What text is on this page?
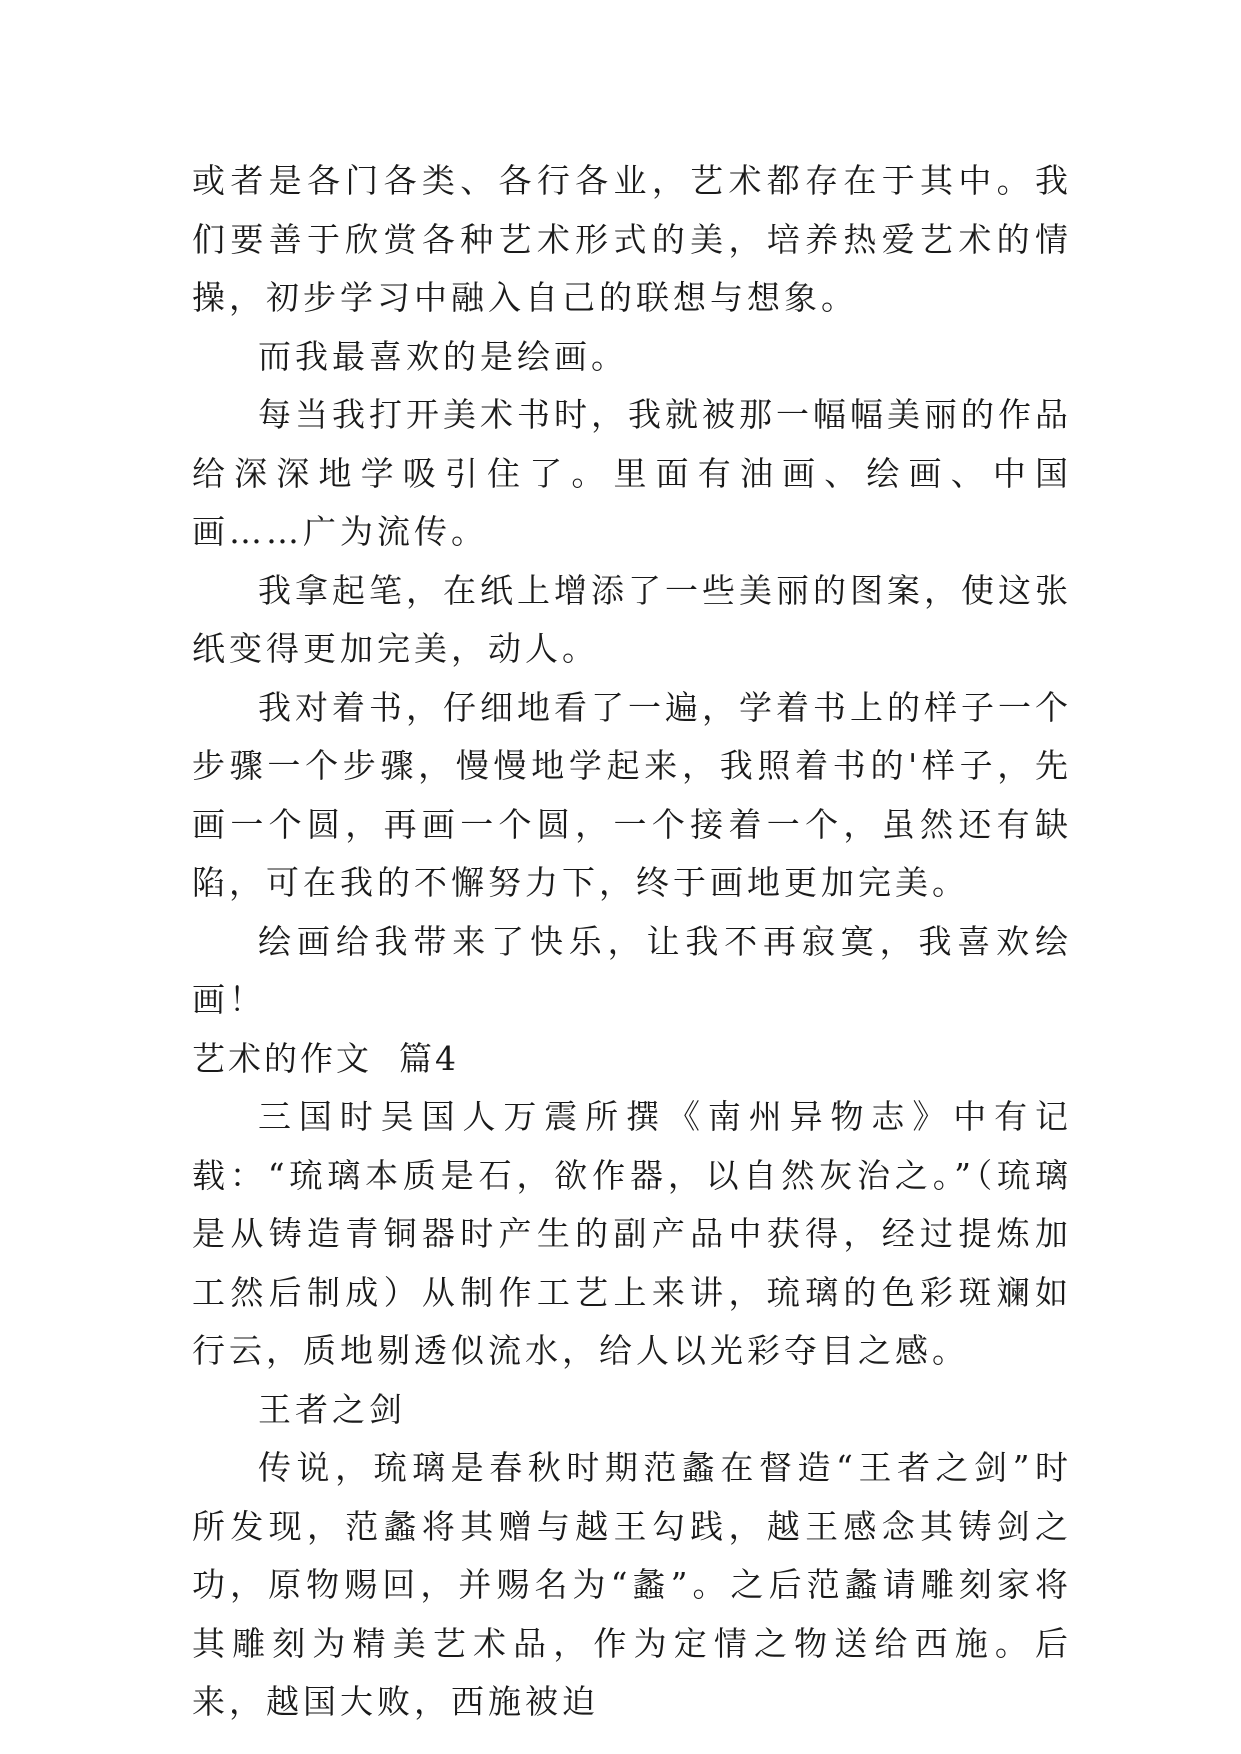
或者是各门各类、各行各业，艺术都存在于其中。我们要善于欣赏各种艺术形式的美，培养热爱艺术的情操，初步学习中融入自己的联想与想象。

而我最喜欢的是绘画。

每当我打开美术书时，我就被那一幅幅美丽的作品给深深地学吸引住了。里面有油画、绘画、中国画……广为流传。

我拿起笔，在纸上增添了一些美丽的图案，使这张纸变得更加完美，动人。

我对着书，仔细地看了一遍，学着书上的样子一个步骤一个步骤，慢慢地学起来，我照着书的'样子，先画一个圆，再画一个圆，一个接着一个，虽然还有缺陷，可在我的不懈努力下，终于画地更加完美。

绘画给我带来了快乐，让我不再寂寞，我喜欢绘画！

艺术的作文  篇4

三国时吴国人万震所撰《南州异物志》中有记载：“琉璃本质是石，欲作器，以自然灰治之。”（琉璃是从铸造青铜器时产生的副产品中获得，经过提炼加工然后制成）从制作工艺上来讲，琉璃的色彩斑斓如行云，质地剔透似流水，给人以光彩夺目之感。

王者之剑

传说，琉璃是春秋时期范蠡在督造“王者之剑”时所发现，范蠡将其赠与越王勾践，越王感念其铸剑之功，原物赐回，并赐名为“蠡”。之后范蠡请雕刻家将其雕刻为精美艺术品，作为定情之物送给西施。后来，越国大败，西施被迫
